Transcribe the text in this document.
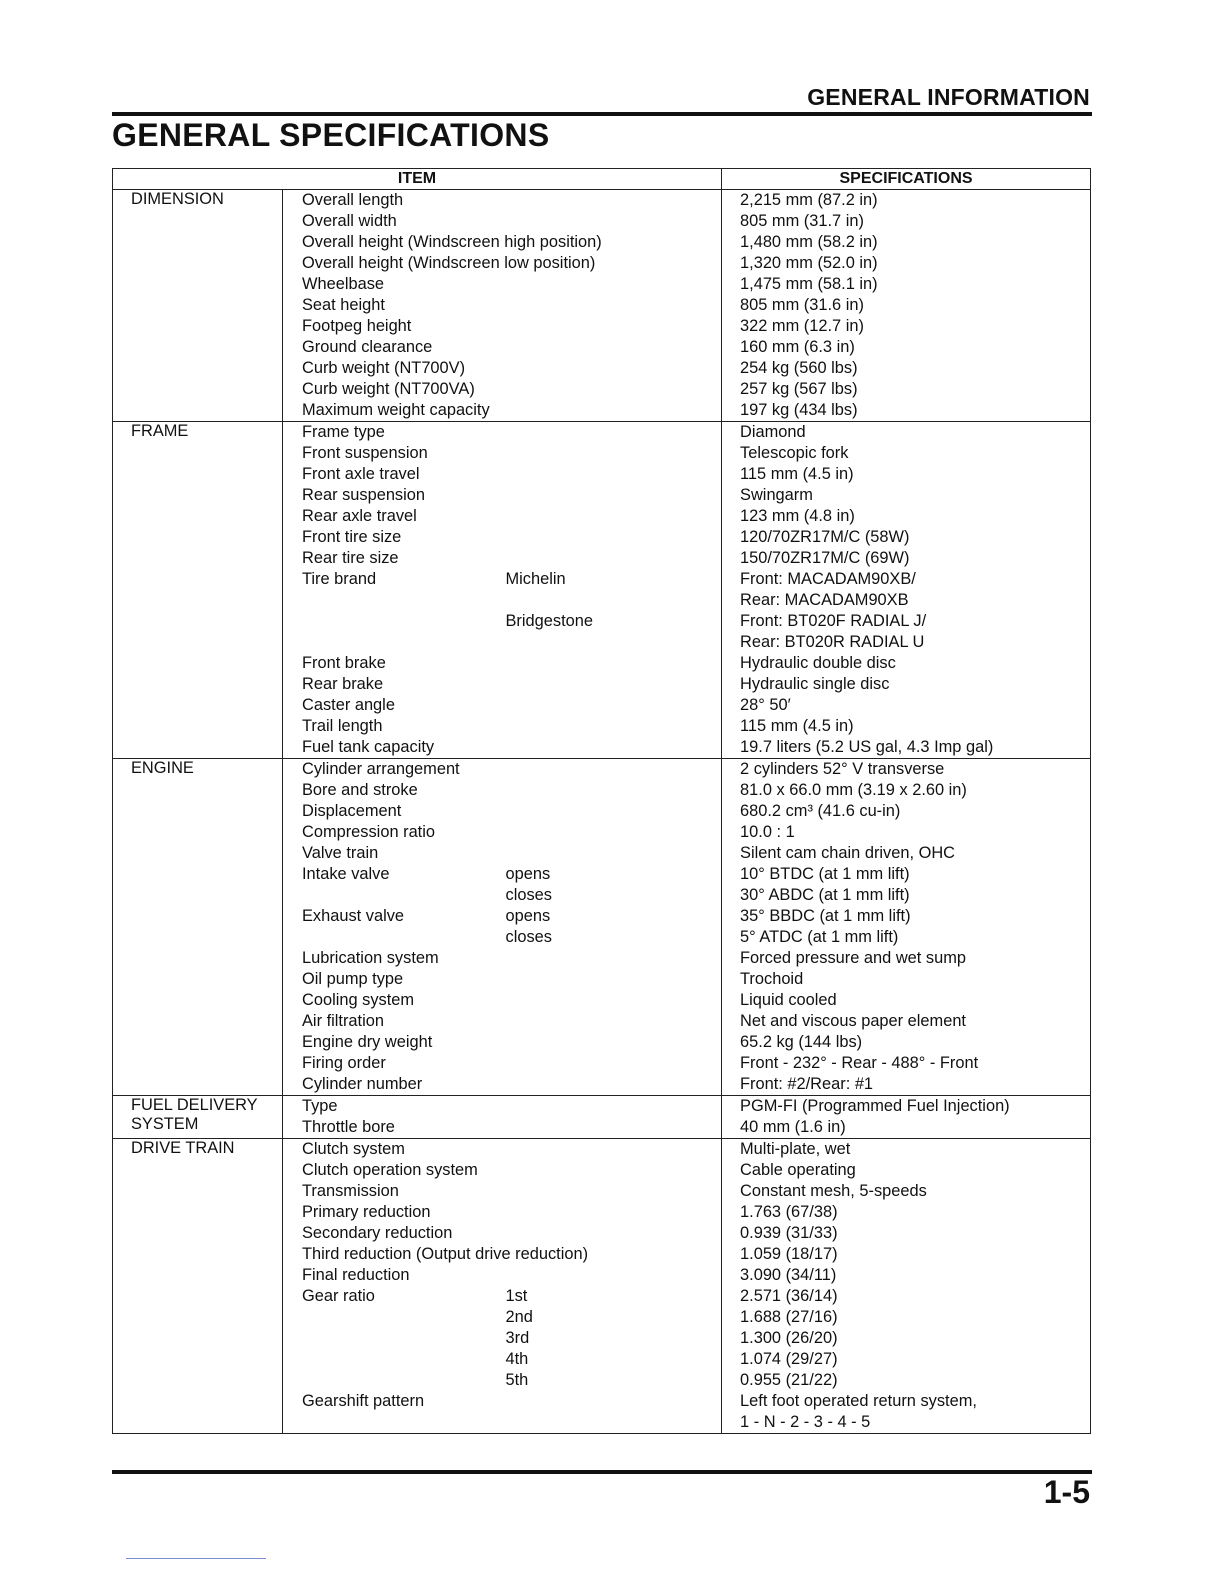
GENERAL INFORMATION
GENERAL SPECIFICATIONS
ITEM			SPECIFICATIONS
DIMENSION	Overall length		2,215 mm (87.2 in)
	Overall width		805 mm (31.7 in)
	Overall height (Windscreen high position)		1,480 mm (58.2 in)
	Overall height (Windscreen low position)		1,320 mm (52.0 in)
	Wheelbase		1,475 mm (58.1 in)
	Seat height		805 mm (31.6 in)
	Footpeg height		322 mm (12.7 in)
	Ground clearance		160 mm (6.3 in)
	Curb weight (NT700V)		254 kg (560 lbs)
	Curb weight (NT700VA)		257 kg (567 lbs)
	Maximum weight capacity		197 kg (434 lbs)
FRAME	Frame type		Diamond
	Front suspension		Telescopic fork
	Front axle travel		115 mm (4.5 in)
	Rear suspension		Swingarm
	Rear axle travel		123 mm (4.8 in)
	Front tire size		120/70ZR17M/C (58W)
	Rear tire size		150/70ZR17M/C (69W)
	Tire brand	Michelin	Front: MACADAM90XB/
			Rear: MACADAM90XB
		Bridgestone	Front: BT020F RADIAL J/
			Rear: BT020R RADIAL U
	Front brake		Hydraulic double disc
	Rear brake		Hydraulic single disc
	Caster angle		28° 50′
	Trail length		115 mm (4.5 in)
	Fuel tank capacity		19.7 liters (5.2 US gal, 4.3 Imp gal)
ENGINE	Cylinder arrangement		2 cylinders 52° V transverse
	Bore and stroke		81.0 x 66.0 mm (3.19 x 2.60 in)
	Displacement		680.2 cm³ (41.6 cu-in)
	Compression ratio		10.0 : 1
	Valve train		Silent cam chain driven, OHC
	Intake valve	opens	10° BTDC (at 1 mm lift)
		closes	30° ABDC (at 1 mm lift)
	Exhaust valve	opens	35° BBDC (at 1 mm lift)
		closes	5° ATDC (at 1 mm lift)
	Lubrication system		Forced pressure and wet sump
	Oil pump type		Trochoid
	Cooling system		Liquid cooled
	Air filtration		Net and viscous paper element
	Engine dry weight		65.2 kg (144 lbs)
	Firing order		Front - 232° - Rear - 488° - Front
	Cylinder number		Front: #2/Rear: #1
FUEL DELIVERY SYSTEM	Type		PGM-FI (Programmed Fuel Injection)
	Throttle bore		40 mm (1.6 in)
DRIVE TRAIN	Clutch system		Multi-plate, wet
	Clutch operation system		Cable operating
	Transmission		Constant mesh, 5-speeds
	Primary reduction		1.763 (67/38)
	Secondary reduction		0.939 (31/33)
	Third reduction (Output drive reduction)		1.059 (18/17)
	Final reduction		3.090 (34/11)
	Gear ratio	1st	2.571 (36/14)
		2nd	1.688 (27/16)
		3rd	1.300 (26/20)
		4th	1.074 (29/27)
		5th	0.955 (21/22)
	Gearshift pattern		Left foot operated return system,
			1 - N - 2 - 3 - 4 - 5
1-5
